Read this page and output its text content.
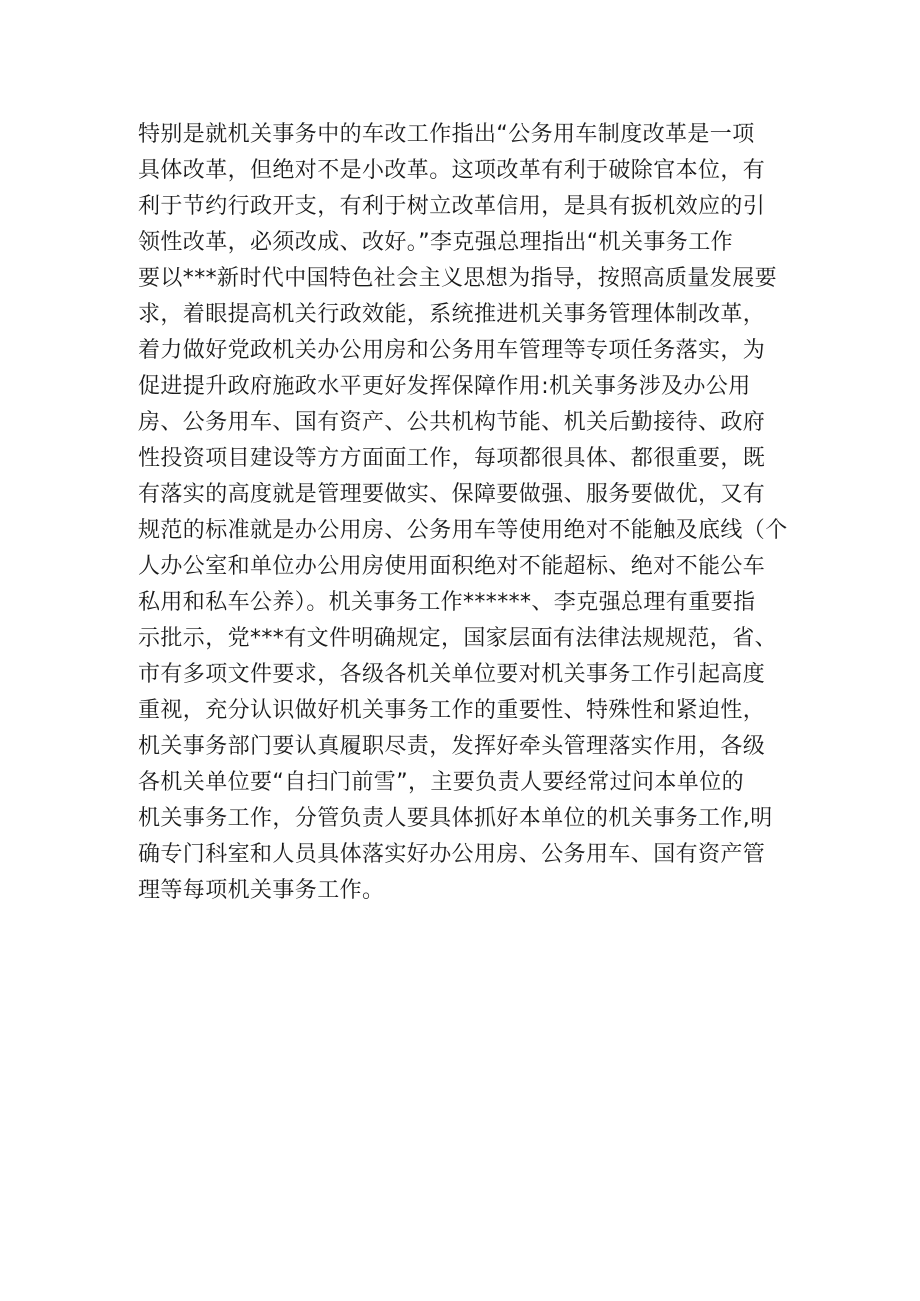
特别是就机关事务中的车改工作指出“公务用车制度改革是一项
具体改革，但绝对不是小改革。这项改革有利于破除官本位，有
利于节约行政开支，有利于树立改革信用，是具有扳机效应的引
领性改革，必须改成、改好。”李克强总理指出“机关事务工作
要以***新时代中国特色社会主义思想为指导，按照高质量发展要
求，着眼提高机关行政效能，系统推进机关事务管理体制改革，
着力做好党政机关办公用房和公务用车管理等专项任务落实，为
促进提升政府施政水平更好发挥保障作用:机关事务涉及办公用
房、公务用车、国有资产、公共机构节能、机关后勤接待、政府
性投资项目建设等方方面面工作，每项都很具体、都很重要，既
有落实的高度就是管理要做实、保障要做强、服务要做优，又有
规范的标准就是办公用房、公务用车等使用绝对不能触及底线（个
人办公室和单位办公用房使用面积绝对不能超标、绝对不能公车
私用和私车公养）。机关事务工作******、李克强总理有重要指
示批示，党***有文件明确规定，国家层面有法律法规规范，省、
市有多项文件要求，各级各机关单位要对机关事务工作引起高度
重视，充分认识做好机关事务工作的重要性、特殊性和紧迫性，
机关事务部门要认真履职尽责，发挥好牵头管理落实作用，各级
各机关单位要“自扫门前雪”，主要负责人要经常过问本单位的
机关事务工作，分管负责人要具体抓好本单位的机关事务工作,明
确专门科室和人员具体落实好办公用房、公务用车、国有资产管
理等每项机关事务工作。
